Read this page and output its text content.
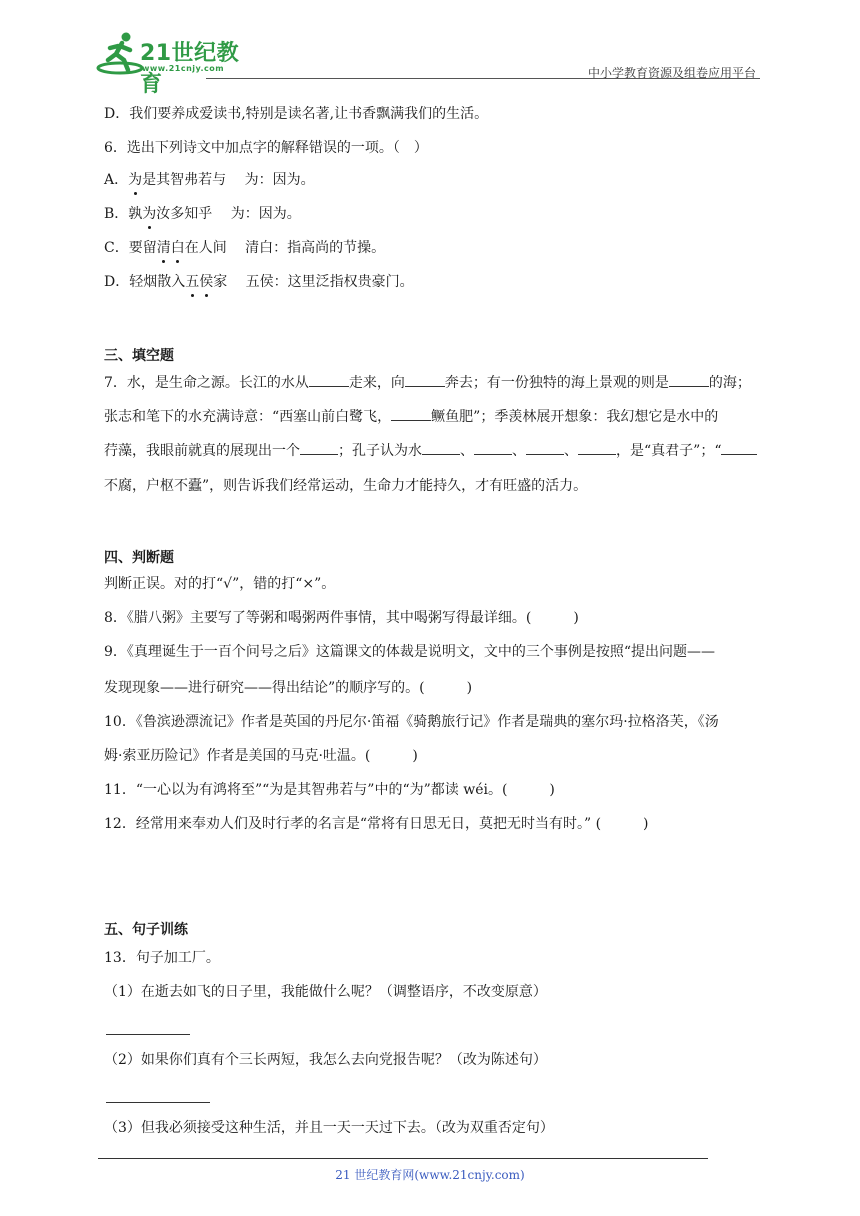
21世纪教育
www.21cnjy.com	中小学教育资源及组卷应用平台
D．我们要养成爱读书,特别是读名著,让书香飘满我们的生活。
6．选出下列诗文中加点字的解释错误的一项。（　）
A．为是其智弗若与　 为：因为。
B．孰为汝多知乎　 为：因为。
C．要留清白在人间　 清白：指高尚的节操。
D．轻烟散入五侯家　 五侯：这里泛指权贵豪门。
三、填空题
7．水，是生命之源。长江的水从	走来，向	奔去；有一份独特的海上景观的则是	的海；
张志和笔下的水充满诗意：“西塞山前白鹭飞，	鳜鱼肥”；季羡林展开想象：我幻想它是水中的
荇藻，我眼前就真的展现出一个	；孔子认为水	、	、	、	，是“真君子”；“
不腐，户枢不蠹”，则告诉我们经常运动，生命力才能持久，才有旺盛的活力。
四、判断题
判断正误。对的打“√”，错的打“×”。
8．《腊八粥》主要写了等粥和喝粥两件事情，其中喝粥写得最详细。(　　　)
9．《真理诞生于一百个问号之后》这篇课文的体裁是说明文，文中的三个事例是按照“提出问题——
发现现象——进行研究——得出结论”的顺序写的。(　　　)
10．《鲁滨逊漂流记》作者是英国的丹尼尔·笛福《骑鹅旅行记》作者是瑞典的塞尔玛·拉格洛芙，《汤
姆·索亚历险记》作者是美国的马克·吐温。(　　　)
11．“一心以为有鸿将至”“为是其智弗若与”中的“为”都读 wéi。(　　　)
12．经常用来奉劝人们及时行孝的名言是“常将有日思无日，莫把无时当有时。” (　　　)
五、句子训练
13．句子加工厂。
（1）在逝去如飞的日子里，我能做什么呢？（调整语序，不改变原意）
（2）如果你们真有个三长两短，我怎么去向党报告呢？（改为陈述句）
（3）但我必须接受这种生活，并且一天一天过下去。（改为双重否定句）
21 世纪教育网(www.21cnjy.com)
